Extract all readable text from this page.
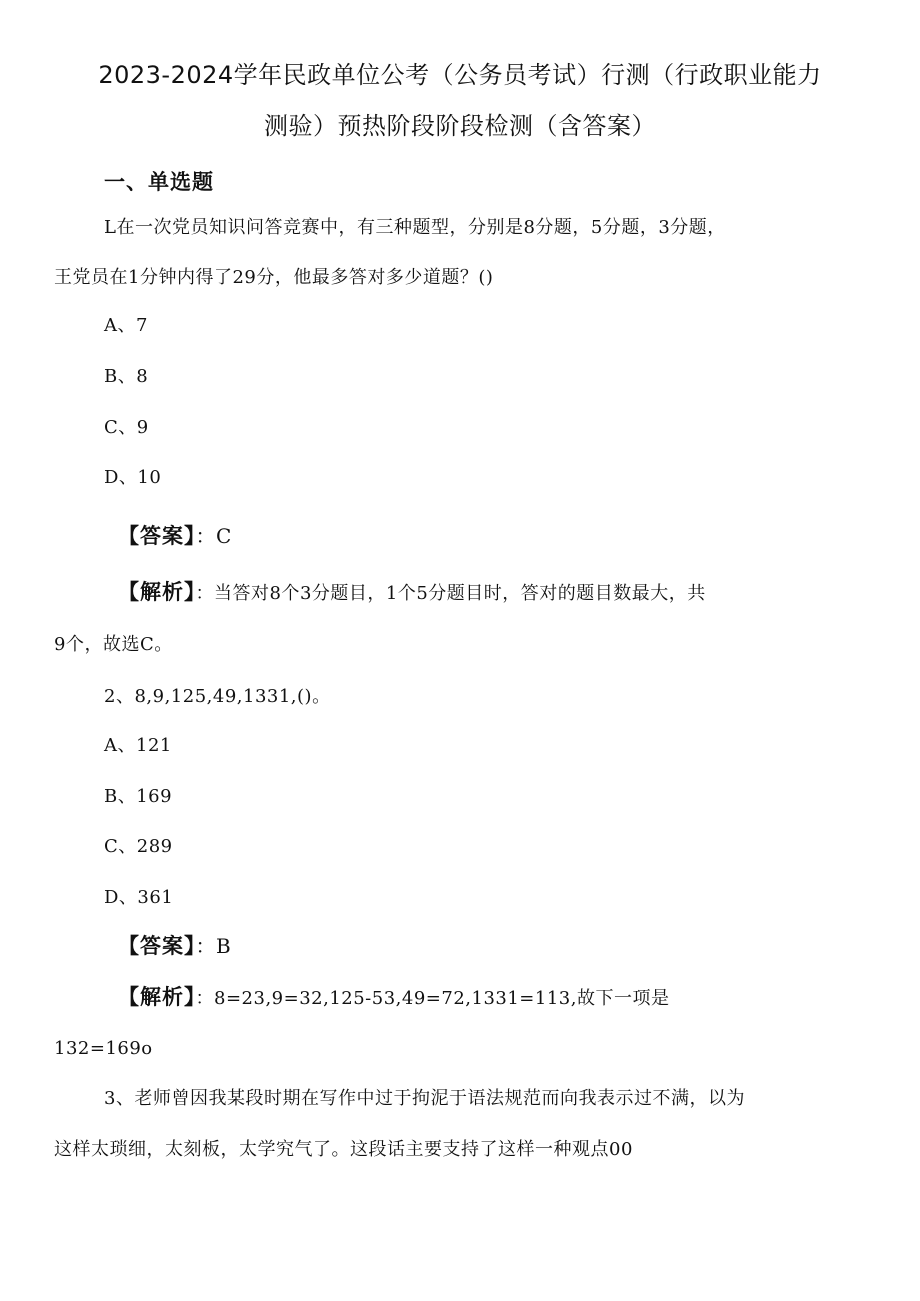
2023-2024学年民政单位公考（公务员考试）行测（行政职业能力
测验）预热阶段阶段检测（含答案）
一、单选题
L在一次党员知识问答竞赛中，有三种题型，分别是8分题，5分题，3分题，
王党员在1分钟内得了29分，他最多答对多少道题？()
A、7
B、8
C、9
D、10
【答案】：C
【解析】：当答对8个3分题目，1个5分题目时，答对的题目数最大，共
9个，故选C。
2、8,9,125,49,1331,()。
A、121
B、169
C、289
D、361
【答案】：B
【解析】：8=23,9=32,125-53,49=72,1331=113,故下一项是
132=169o
3、老师曾因我某段时期在写作中过于拘泥于语法规范而向我表示过不满，以为
这样太琐细，太刻板，太学究气了。这段话主要支持了这样一种观点00
